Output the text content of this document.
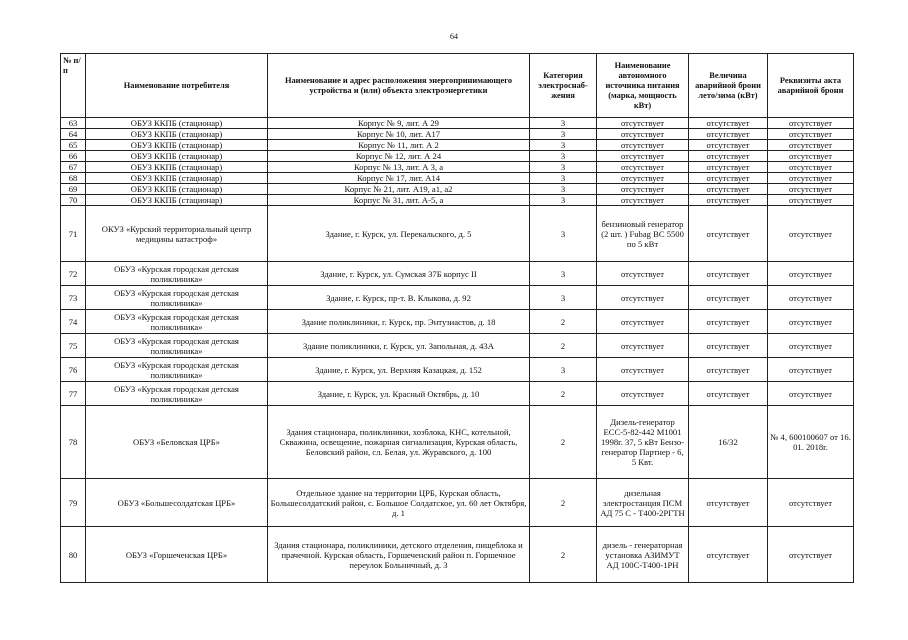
64
№ п/п	Наименование потребителя	Наименование и адрес расположения энергопринимающего устройства и (или) объекта электроэнергетики	Категория электроснаб-жения	Наименование автономного источника питания (марка, мощность кВт)	Величина аварийной брони лето/зима (кВт)	Реквизиты акта аварийной брони
63	ОБУЗ ККПБ (стационар)	Корпус № 9, лит. А 29	3	отсутствует	отсутствует	отсутствует
64	ОБУЗ ККПБ (стационар)	Корпус № 10, лит. А17	3	отсутствует	отсутствует	отсутствует
65	ОБУЗ ККПБ (стационар)	Корпус № 11, лит. А 2	3	отсутствует	отсутствует	отсутствует
66	ОБУЗ ККПБ (стационар)	Корпус № 12, лит. А 24	3	отсутствует	отсутствует	отсутствует
67	ОБУЗ ККПБ (стационар)	Корпус № 13, лит. А 3, а	3	отсутствует	отсутствует	отсутствует
68	ОБУЗ ККПБ (стационар)	Корпус № 17, лит. А14	3	отсутствует	отсутствует	отсутствует
69	ОБУЗ ККПБ (стационар)	Корпус № 21, лит. А19, а1, а2	3	отсутствует	отсутствует	отсутствует
70	ОБУЗ ККПБ (стационар)	Корпус № 31, лит. А-5, а	3	отсутствует	отсутствует	отсутствует
71	ОКУЗ «Курский территориальный центр медицины катастроф»	Здание, г. Курск, ул. Перекальского, д. 5	3	бензиновый генератор (2 шт. ) Fubag BC 5500 по 5 кВт	отсутствует	отсутствует
72	ОБУЗ «Курская городская детская поликлиника»	Здание, г. Курск, ул. Сумская 37Б корпус II	3	отсутствует	отсутствует	отсутствует
73	ОБУЗ «Курская городская детская поликлиника»	Здание, г. Курск, пр-т. В. Клыкова, д. 92	3	отсутствует	отсутствует	отсутствует
74	ОБУЗ «Курская городская детская поликлиника»	Здание поликлиники, г. Курск, пр. Энтузиастов, д. 18	2	отсутствует	отсутствует	отсутствует
75	ОБУЗ «Курская городская детская поликлиника»	Здание поликлиники, г. Курск, ул. Запольная, д. 43А	2	отсутствует	отсутствует	отсутствует
76	ОБУЗ «Курская городская детская поликлиника»	Здание, г. Курск, ул. Верхняя Казацкая, д. 152	3	отсутствует	отсутствует	отсутствует
77	ОБУЗ «Курская городская детская поликлиника»	Здание, г. Курск, ул. Красный Октябрь, д. 10	2	отсутствует	отсутствует	отсутствует
78	ОБУЗ «Беловская ЦРБ»	Здания стационара, поликлиники, хозблока, КНС, котельной, Скважина, освещение, пожарная сигнализация, Курская область, Беловский район, сл. Белая, ул. Журавского, д. 100	2	Дизель-генератор ЕСС-5-82-442 М1001 1998г. 37, 5 кВт Бензо-генератор Партнер - 6, 5 Квт.	16/32	№ 4, 600100607 от 16. 01. 2018г.
79	ОБУЗ «Большесолдатская ЦРБ»	Отдельное здание на территории ЦРБ, Курская область, Большесолдатский район, с. Большое Солдатское, ул. 60 лет Октября, д. 1	2	дизельная электростанция ПСМ АД 75 С - Т400-2РГТН	отсутствует	отсутствует
80	ОБУЗ «Горшеченская ЦРБ»	Здания стационара, поликлиники, детского отделения, пищеблока и прачечной. Курская область, Горшеченский район п. Горшечное переулок Больничный, д. 3	2	дизель - генераторная установка АЗИМУТ АД 100С-Т400-1РН	отсутствует	отсутствует
